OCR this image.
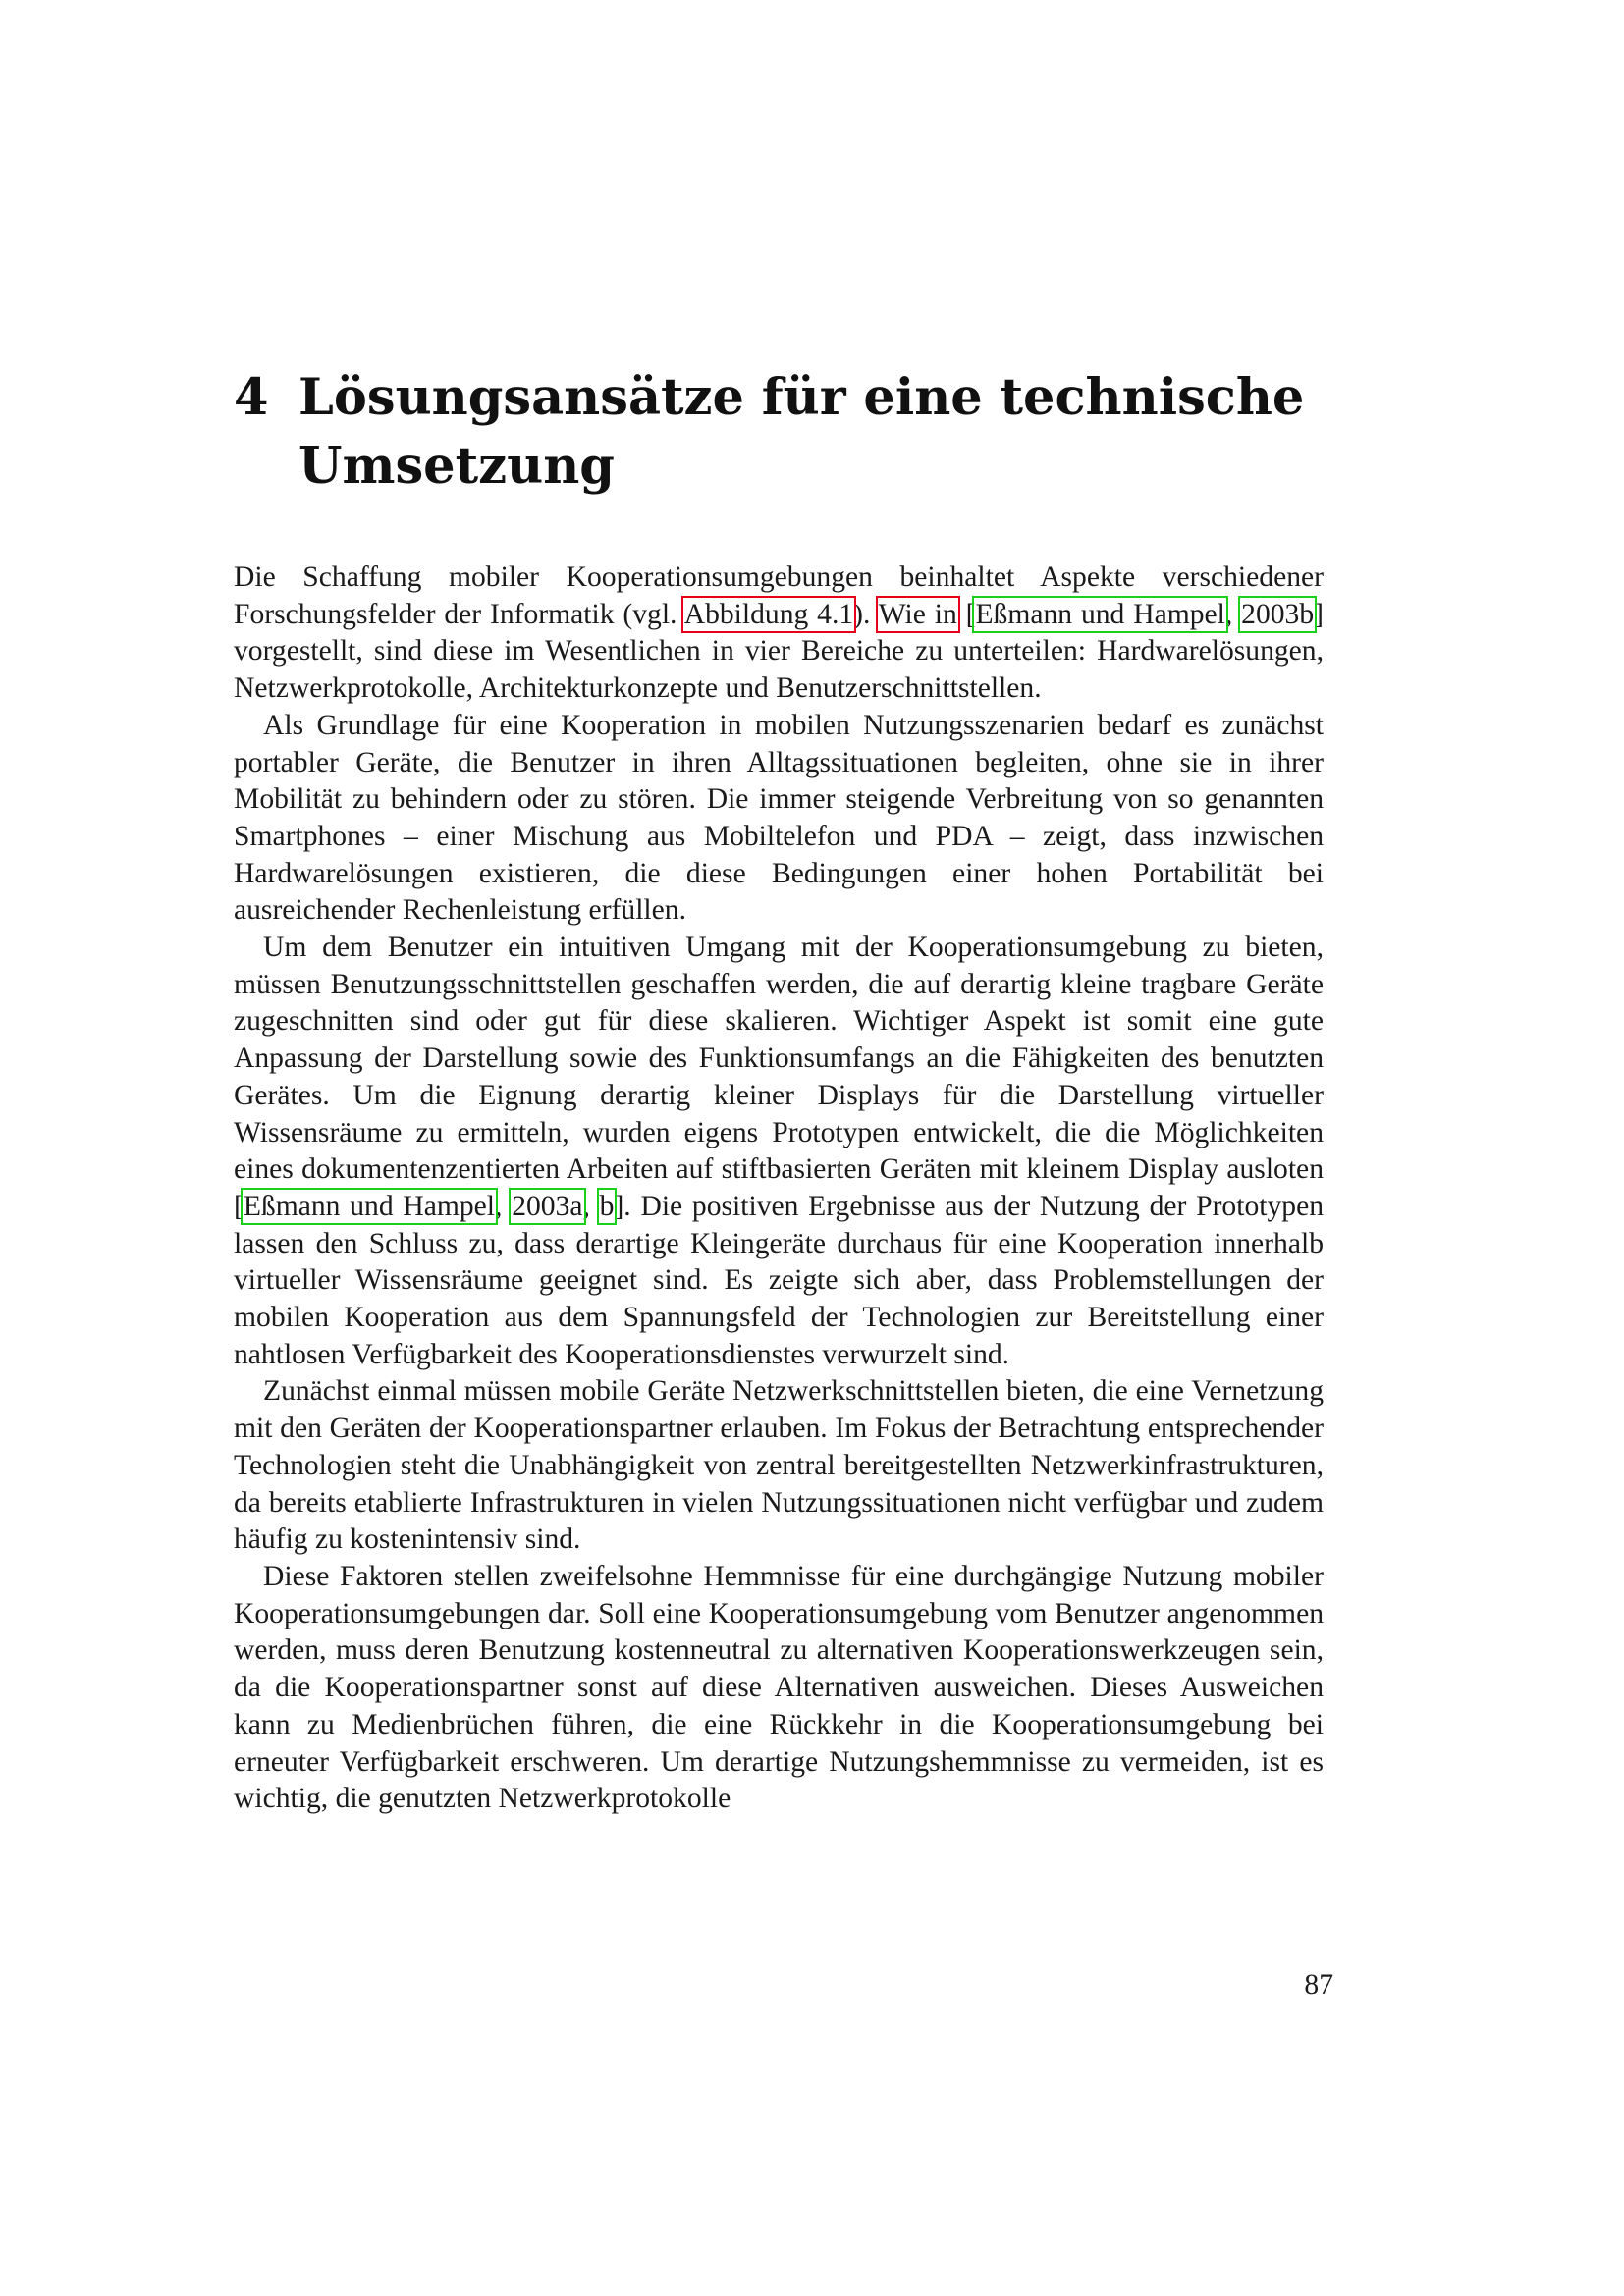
4 Lösungsansätze für eine technische Umsetzung

Die Schaffung mobiler Kooperationsumgebungen beinhaltet Aspekte verschiedener Forschungsfelder der Informatik (vgl. Abbildung 4.1). Wie in [Eßmann und Hampel, 2003b] vorgestellt, sind diese im Wesentlichen in vier Bereiche zu unterteilen: Hardwarelösungen, Netzwerkprotokolle, Architekturkonzepte und Benutzerschnittstellen.

Als Grundlage für eine Kooperation in mobilen Nutzungsszenarien bedarf es zunächst portabler Geräte, die Benutzer in ihren Alltagssituationen begleiten, ohne sie in ihrer Mobilität zu behindern oder zu stören. Die immer steigende Verbreitung von so genannten Smartphones – einer Mischung aus Mobiltelefon und PDA – zeigt, dass inzwischen Hardwarelösungen existieren, die diese Bedingungen einer hohen Portabilität bei ausreichender Rechenleistung erfüllen.

Um dem Benutzer ein intuitiven Umgang mit der Kooperationsumgebung zu bieten, müssen Benutzungsschnittstellen geschaffen werden, die auf derartig kleine tragbare Geräte zugeschnitten sind oder gut für diese skalieren. Wichtiger Aspekt ist somit eine gute Anpassung der Darstellung sowie des Funktionsumfangs an die Fähigkeiten des benutzten Gerätes. Um die Eignung derartig kleiner Displays für die Darstellung virtueller Wissensräume zu ermitteln, wurden eigens Prototypen entwickelt, die die Möglichkeiten eines dokumentenzentierten Arbeiten auf stiftbasierten Geräten mit kleinem Display ausloten [Eßmann und Hampel, 2003a, b]. Die positiven Ergebnisse aus der Nutzung der Prototypen lassen den Schluss zu, dass derartige Kleingeräte durchaus für eine Kooperation innerhalb virtueller Wissensräume geeignet sind. Es zeigte sich aber, dass Problemstellungen der mobilen Kooperation aus dem Spannungsfeld der Technologien zur Bereitstellung einer nahtlosen Verfügbarkeit des Kooperationsdienstes verwurzelt sind.

Zunächst einmal müssen mobile Geräte Netzwerkschnittstellen bieten, die eine Vernetzung mit den Geräten der Kooperationspartner erlauben. Im Fokus der Betrachtung entsprechender Technologien steht die Unabhängigkeit von zentral bereitgestellten Netzwerkinfrastrukturen, da bereits etablierte Infrastrukturen in vielen Nutzungssituationen nicht verfügbar und zudem häufig zu kostenintensiv sind.

Diese Faktoren stellen zweifelsohne Hemmnisse für eine durchgängige Nutzung mobiler Kooperationsumgebungen dar. Soll eine Kooperationsumgebung vom Benutzer angenommen werden, muss deren Benutzung kostenneutral zu alternativen Kooperationswerkzeugen sein, da die Kooperationspartner sonst auf diese Alternativen ausweichen. Dieses Ausweichen kann zu Medienbrüchen führen, die eine Rückkehr in die Kooperationsumgebung bei erneuter Verfügbarkeit erschweren. Um derartige Nutzungshemmnisse zu vermeiden, ist es wichtig, die genutzten Netzwerkprotokolle

87
